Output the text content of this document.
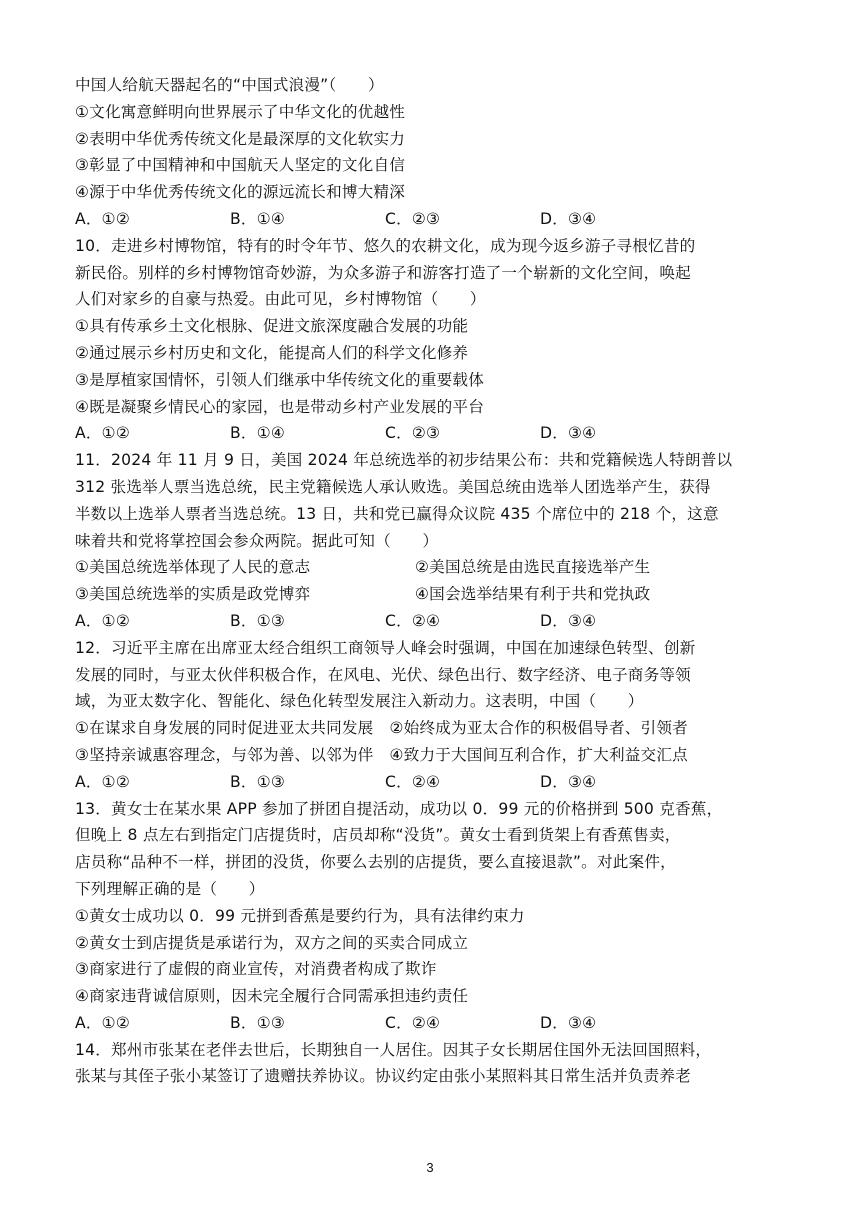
中国人给航天器起名的“中国式浪漫”（　　）
①文化寓意鲜明向世界展示了中华文化的优越性
②表明中华优秀传统文化是最深厚的文化软实力
③彰显了中国精神和中国航天人坚定的文化自信
④源于中华优秀传统文化的源远流长和博大精深
A．①②	B．①④	C．②③	D．③④
10．走进乡村博物馆，特有的时令年节、悠久的农耕文化，成为现今返乡游子寻根忆昔的
新民俗。别样的乡村博物馆奇妙游，为众多游子和游客打造了一个崭新的文化空间，唤起
人们对家乡的自豪与热爱。由此可见，乡村博物馆（　　）
①具有传承乡土文化根脉、促进文旅深度融合发展的功能
②通过展示乡村历史和文化，能提高人们的科学文化修养
③是厚植家国情怀，引领人们继承中华传统文化的重要载体
④既是凝聚乡情民心的家园，也是带动乡村产业发展的平台
A．①②	B．①④	C．②③	D．③④
11．2024 年 11 月 9 日，美国 2024 年总统选举的初步结果公布：共和党籍候选人特朗普以
312 张选举人票当选总统，民主党籍候选人承认败选。美国总统由选举人团选举产生，获得
半数以上选举人票者当选总统。13 日，共和党已赢得众议院 435 个席位中的 218 个，这意
味着共和党将掌控国会参众两院。据此可知（　　）
①美国总统选举体现了人民的意志	②美国总统是由选民直接选举产生
③美国总统选举的实质是政党博弈	④国会选举结果有利于共和党执政
A．①②	B．①③	C．②④	D．③④
12．习近平主席在出席亚太经合组织工商领导人峰会时强调，中国在加速绿色转型、创新
发展的同时，与亚太伙伴积极合作，在风电、光伏、绿色出行、数字经济、电子商务等领
域，为亚太数字化、智能化、绿色化转型发展注入新动力。这表明，中国（　　）
①在谋求自身发展的同时促进亚太共同发展 ②始终成为亚太合作的积极倡导者、引领者
③坚持亲诚惠容理念，与邻为善、以邻为伴 ④致力于大国间互利合作，扩大利益交汇点
A．①②	B．①③	C．②④	D．③④
13．黄女士在某水果 APP 参加了拼团自提活动，成功以 0．99 元的价格拼到 500 克香蕉，
但晚上 8 点左右到指定门店提货时，店员却称“没货”。黄女士看到货架上有香蕉售卖，
店员称“品种不一样，拼团的没货，你要么去别的店提货，要么直接退款”。对此案件，
下列理解正确的是（　　）
①黄女士成功以 0．99 元拼到香蕉是要约行为，具有法律约束力
②黄女士到店提货是承诺行为，双方之间的买卖合同成立
③商家进行了虚假的商业宣传，对消费者构成了欺诈
④商家违背诚信原则，因未完全履行合同需承担违约责任
A．①②	B．①③	C．②④	D．③④
14．郑州市张某在老伴去世后，长期独自一人居住。因其子女长期居住国外无法回国照料，
张某与其侄子张小某签订了遗赠扶养协议。协议约定由张小某照料其日常生活并负责养老
3
